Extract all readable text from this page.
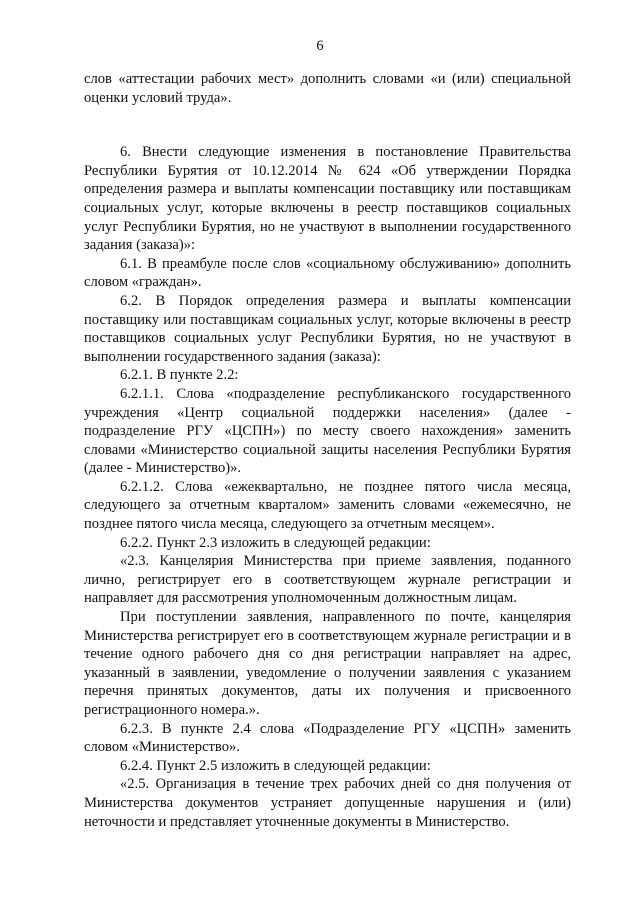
6

слов «аттестации рабочих мест» дополнить словами «и (или) специальной оценки условий труда».

6. Внести следующие изменения в постановление Правительства Республики Бурятия от 10.12.2014 № 624 «Об утверждении Порядка определения размера и выплаты компенсации поставщику или поставщикам социальных услуг, которые включены в реестр поставщиков социальных услуг Республики Бурятия, но не участвуют в выполнении государственного задания (заказа)»:

6.1. В преамбуле после слов «социальному обслуживанию» дополнить словом «граждан».

6.2. В Порядок определения размера и выплаты компенсации поставщику или поставщикам социальных услуг, которые включены в реестр поставщиков социальных услуг Республики Бурятия, но не участвуют в выполнении государственного задания (заказа):

6.2.1. В пункте 2.2:

6.2.1.1. Слова «подразделение республиканского государственного учреждения «Центр социальной поддержки населения» (далее - подразделение РГУ «ЦСПН») по месту своего нахождения» заменить словами «Министерство социальной защиты населения Республики Бурятия (далее - Министерство)».

6.2.1.2. Слова «ежеквартально, не позднее пятого числа месяца, следующего за отчетным кварталом» заменить словами «ежемесячно, не позднее пятого числа месяца, следующего за отчетным месяцем».

6.2.2. Пункт 2.3 изложить в следующей редакции:

«2.3. Канцелярия Министерства при приеме заявления, поданного лично, регистрирует его в соответствующем журнале регистрации и направляет для рассмотрения уполномоченным должностным лицам.

При поступлении заявления, направленного по почте, канцелярия Министерства регистрирует его в соответствующем журнале регистрации и в течение одного рабочего дня со дня регистрации направляет на адрес, указанный в заявлении, уведомление о получении заявления с указанием перечня принятых документов, даты их получения и присвоенного регистрационного номера.».

6.2.3. В пункте 2.4 слова «Подразделение РГУ «ЦСПН» заменить словом «Министерство».

6.2.4. Пункт 2.5 изложить в следующей редакции:

«2.5. Организация в течение трех рабочих дней со дня получения от Министерства документов устраняет допущенные нарушения и (или) неточности и представляет уточненные документы в Министерство.
